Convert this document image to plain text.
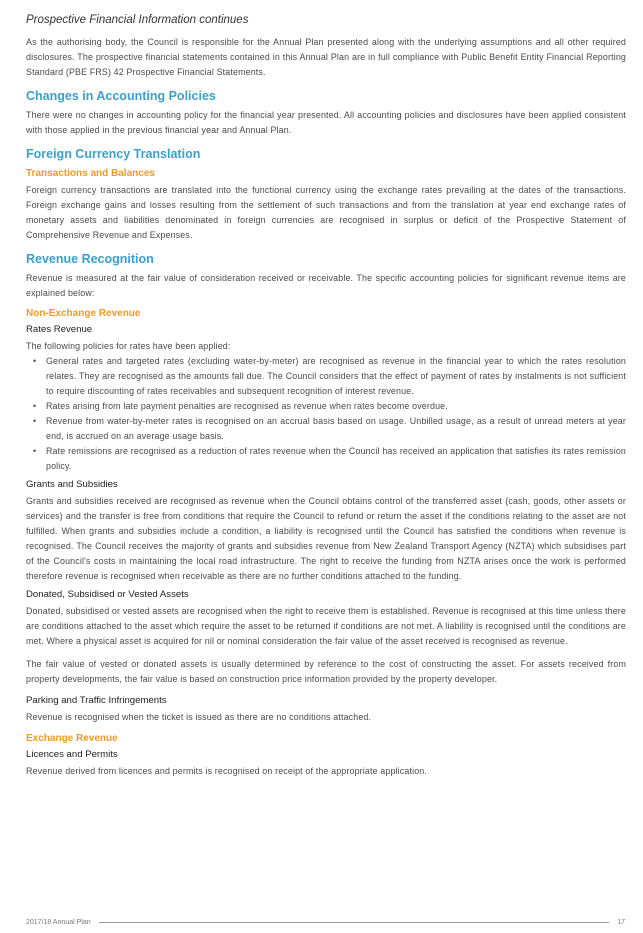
Prospective Financial Information continues

As the authorising body, the Council is responsible for the Annual Plan presented along with the underlying assumptions and all other required disclosures. The prospective financial statements contained in this Annual Plan are in full compliance with Public Benefit Entity Financial Reporting Standard (PBE FRS) 42 Prospective Financial Statements.

Changes in Accounting Policies

There were no changes in accounting policy for the financial year presented. All accounting policies and disclosures have been applied consistent with those applied in the previous financial year and Annual Plan.

Foreign Currency Translation
Transactions and Balances

Foreign currency transactions are translated into the functional currency using the exchange rates prevailing at the dates of the transactions. Foreign exchange gains and losses resulting from the settlement of such transactions and from the translation at year end exchange rates of monetary assets and liabilities denominated in foreign currencies are recognised in surplus or deficit of the Prospective Statement of Comprehensive Revenue and Expenses.

Revenue Recognition

Revenue is measured at the fair value of consideration received or receivable. The specific accounting policies for significant revenue items are explained below:

Non-Exchange Revenue
Rates Revenue

The following policies for rates have been applied:

• General rates and targeted rates (excluding water-by-meter) are recognised as revenue in the financial year to which the rates resolution relates. They are recognised as the amounts fall due. The Council considers that the effect of payment of rates by instalments is not sufficient to require discounting of rates receivables and subsequent recognition of interest revenue.
• Rates arising from late payment penalties are recognised as revenue when rates become overdue.
• Revenue from water-by-meter rates is recognised on an accrual basis based on usage. Unbilled usage, as a result of unread meters at year end, is accrued on an average usage basis.
• Rate remissions are recognised as a reduction of rates revenue when the Council has received an application that satisfies its rates remission policy.
Grants and Subsidies

Grants and subsidies received are recognised as revenue when the Council obtains control of the transferred asset (cash, goods, other assets or services) and the transfer is free from conditions that require the Council to refund or return the asset if the conditions relating to the asset are not fulfilled. When grants and subsidies include a condition, a liability is recognised until the Council has satisfied the conditions when revenue is recognised. The Council receives the majority of grants and subsidies revenue from New Zealand Transport Agency (NZTA) which subsidises part of the Council's costs in maintaining the local road infrastructure. The right to receive the funding from NZTA arises once the work is performed therefore revenue is recognised when receivable as there are no further conditions attached to the funding.

Donated, Subsidised or Vested Assets

Donated, subsidised or vested assets are recognised when the right to receive them is established. Revenue is recognised at this time unless there are conditions attached to the asset which require the asset to be returned if conditions are not met. A liability is recognised until the conditions are met. Where a physical asset is acquired for nil or nominal consideration the fair value of the asset received is recognised as revenue.

The fair value of vested or donated assets is usually determined by reference to the cost of constructing the asset. For assets received from property developments, the fair value is based on construction price information provided by the property developer.

Parking and Traffic Infringements

Revenue is recognised when the ticket is issued as there are no conditions attached.

Exchange Revenue
Licences and Permits

Revenue derived from licences and permits is recognised on receipt of the appropriate application.

2017/18 Annual Plan	17
